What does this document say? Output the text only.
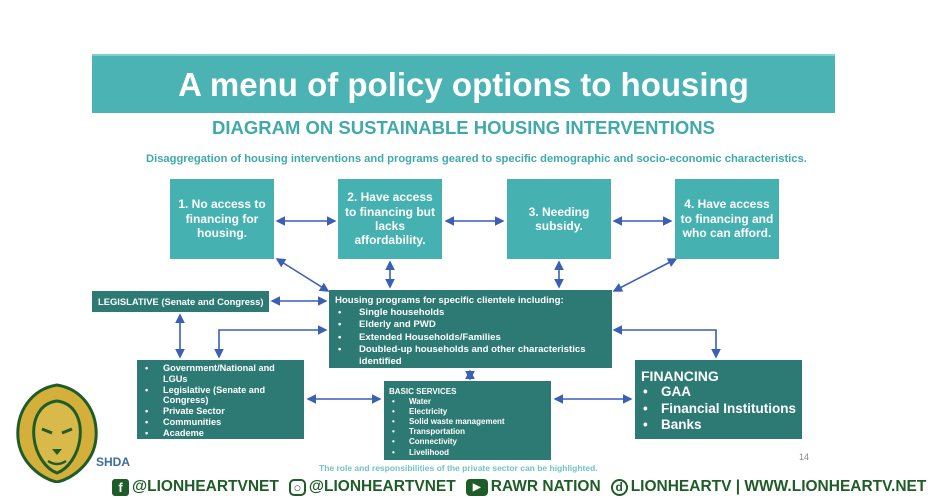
A menu of policy options to housing
DIAGRAM ON SUSTAINABLE HOUSING INTERVENTIONS
Disaggregation of housing interventions and programs geared to specific demographic and socio-economic characteristics.
1. No access to financing for housing.
2. Have access to financing but lacks affordability.
3. Needing subsidy.
4. Have access to financing and who can afford.
LEGISLATIVE (Senate and Congress)	Housing programs for specific clientele including:
• Single households
• Elderly and PWD
• Extended Households/Families
• Doubled-up households and other characteristics identified
• Government/National and LGUs
• Legislative (Senate and Congress)
• Private Sector
• Communities
• Academe
BASIC SERVICES
• Water
• Electricity
• Solid waste management
• Transportation
• Connectivity
• Livelihood
FINANCING
• GAA
• Financial Institutions
• Banks
14
The role and responsibilities of the private sector can be highlighted.
SHDA
f @LIONHEARTVNET	○ @LIONHEARTVNET	▶ RAWR NATION	d LIONHEARTV | WWW.LIONHEARTV.NET
